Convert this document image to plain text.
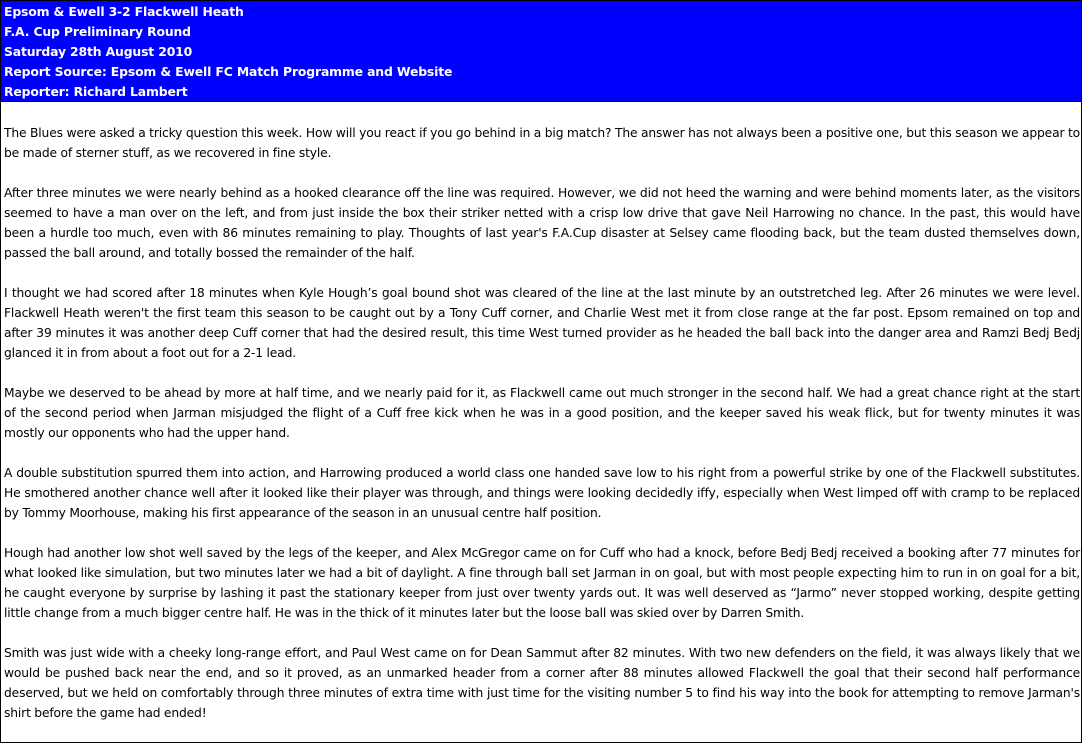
Epsom & Ewell 3-2 Flackwell Heath
F.A. Cup Preliminary Round
Saturday 28th August 2010
Report Source: Epsom & Ewell FC Match Programme and Website
Reporter: Richard Lambert

The Blues were asked a tricky question this week. How will you react if you go behind in a big match? The answer has not always been a positive one, but this season we appear to be made of sterner stuff, as we recovered in fine style.

After three minutes we were nearly behind as a hooked clearance off the line was required. However, we did not heed the warning and were behind moments later, as the visitors seemed to have a man over on the left, and from just inside the box their striker netted with a crisp low drive that gave Neil Harrowing no chance. In the past, this would have been a hurdle too much, even with 86 minutes remaining to play. Thoughts of last year's F.A.Cup disaster at Selsey came flooding back, but the team dusted themselves down, passed the ball around, and totally bossed the remainder of the half.

I thought we had scored after 18 minutes when Kyle Hough’s goal bound shot was cleared of the line at the last minute by an outstretched leg. After 26 minutes we were level. Flackwell Heath weren't the first team this season to be caught out by a Tony Cuff corner, and Charlie West met it from close range at the far post. Epsom remained on top and after 39 minutes it was another deep Cuff corner that had the desired result, this time West turned provider as he headed the ball back into the danger area and Ramzi Bedj Bedj glanced it in from about a foot out for a 2-1 lead.

Maybe we deserved to be ahead by more at half time, and we nearly paid for it, as Flackwell came out much stronger in the second half. We had a great chance right at the start of the second period when Jarman misjudged the flight of a Cuff free kick when he was in a good position, and the keeper saved his weak flick, but for twenty minutes it was mostly our opponents who had the upper hand.

A double substitution spurred them into action, and Harrowing produced a world class one handed save low to his right from a powerful strike by one of the Flackwell substitutes. He smothered another chance well after it looked like their player was through, and things were looking decidedly iffy, especially when West limped off with cramp to be replaced by Tommy Moorhouse, making his first appearance of the season in an unusual centre half position.

Hough had another low shot well saved by the legs of the keeper, and Alex McGregor came on for Cuff who had a knock, before Bedj Bedj received a booking after 77 minutes for what looked like simulation, but two minutes later we had a bit of daylight. A fine through ball set Jarman in on goal, but with most people expecting him to run in on goal for a bit, he caught everyone by surprise by lashing it past the stationary keeper from just over twenty yards out. It was well deserved as “Jarmo” never stopped working, despite getting little change from a much bigger centre half. He was in the thick of it minutes later but the loose ball was skied over by Darren Smith.

Smith was just wide with a cheeky long-range effort, and Paul West came on for Dean Sammut after 82 minutes. With two new defenders on the field, it was always likely that we would be pushed back near the end, and so it proved, as an unmarked header from a corner after 88 minutes allowed Flackwell the goal that their second half performance deserved, but we held on comfortably through three minutes of extra time with just time for the visiting number 5 to find his way into the book for attempting to remove Jarman's shirt before the game had ended!
